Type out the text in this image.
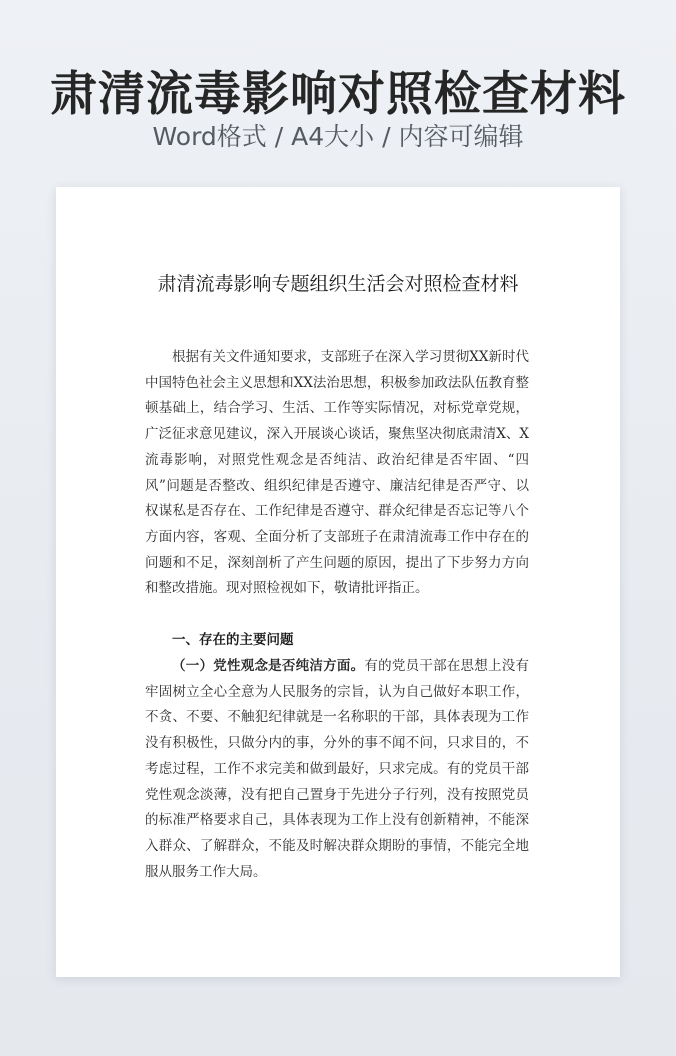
肃清流毒影响对照检查材料
Word格式 / A4大小 / 内容可编辑
肃清流毒影响专题组织生活会对照检查材料

根据有关文件通知要求，支部班子在深入学习贯彻XX新时代中国特色社会主义思想和XX法治思想，积极参加政法队伍教育整顿基础上，结合学习、生活、工作等实际情况，对标党章党规，广泛征求意见建议，深入开展谈心谈话，聚焦坚决彻底肃清X、X流毒影响，对照党性观念是否纯洁、政治纪律是否牢固、“四风”问题是否整改、组织纪律是否遵守、廉洁纪律是否严守、以权谋私是否存在、工作纪律是否遵守、群众纪律是否忘记等八个方面内容，客观、全面分析了支部班子在肃清流毒工作中存在的问题和不足，深刻剖析了产生问题的原因，提出了下步努力方向和整改措施。现对照检视如下，敬请批评指正。

一、存在的主要问题

（一）党性观念是否纯洁方面。有的党员干部在思想上没有牢固树立全心全意为人民服务的宗旨，认为自己做好本职工作，不贪、不要、不触犯纪律就是一名称职的干部，具体表现为工作没有积极性，只做分内的事，分外的事不闻不问，只求目的，不考虑过程，工作不求完美和做到最好，只求完成。有的党员干部党性观念淡薄，没有把自己置身于先进分子行列，没有按照党员的标准严格要求自己，具体表现为工作上没有创新精神，不能深入群众、了解群众，不能及时解决群众期盼的事情，不能完全地服从服务工作大局。
